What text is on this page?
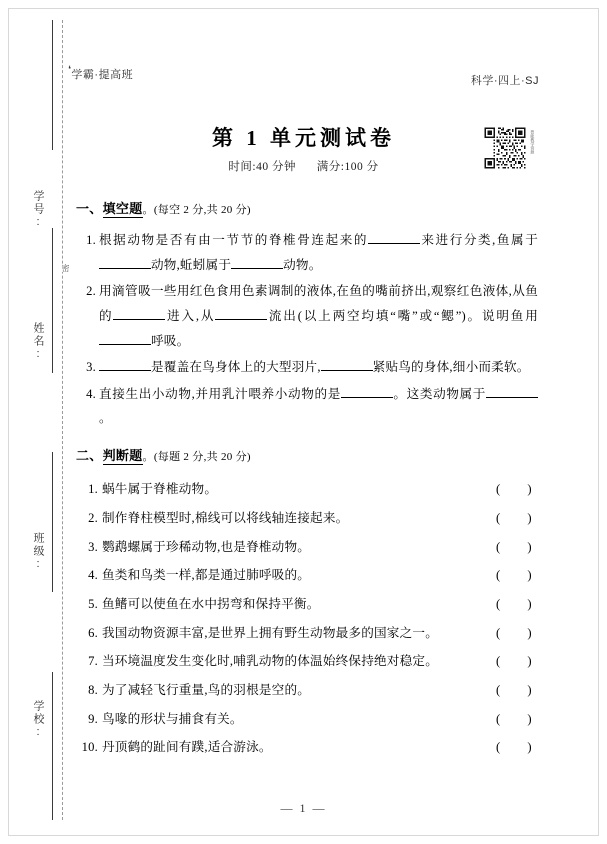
密
学号:
姓名:
班级:
学校:
❛学霸·提高班	科学·四上·SJ
智能教学资源
第 1 单元测试卷
时间:40 分钟 满分:100 分
一、填空题。(每空 2 分,共 20 分)
1. 根据动物是否有由一节节的脊椎骨连起来的	来进行分类,鱼属于动物,蚯蚓属于	动物。
2. 用滴管吸一些用红色食用色素调制的液体,在鱼的嘴前挤出,观察红色液体,从鱼的	进入,从	流出(以上两空均填“嘴”或“鳃”)。说明鱼用呼吸。
3.	是覆盖在鸟身体上的大型羽片,	紧贴鸟的身体,细小而柔软。
4. 直接生出小动物,并用乳汁喂养小动物的是	。这类动物属于。
二、判断题。(每题 2 分,共 20 分)
1. 蜗牛属于脊椎动物。	( )
2. 制作脊柱模型时,棉线可以将线轴连接起来。	( )
3. 鹦鹉螺属于珍稀动物,也是脊椎动物。	( )
4. 鱼类和鸟类一样,都是通过肺呼吸的。	( )
5. 鱼鳍可以使鱼在水中拐弯和保持平衡。	( )
6. 我国动物资源丰富,是世界上拥有野生动物最多的国家之一。	( )
7. 当环境温度发生变化时,哺乳动物的体温始终保持绝对稳定。	( )
8. 为了减轻飞行重量,鸟的羽根是空的。	( )
9. 鸟喙的形状与捕食有关。	( )
10. 丹顶鹤的趾间有蹼,适合游泳。	( )
— 1 —
